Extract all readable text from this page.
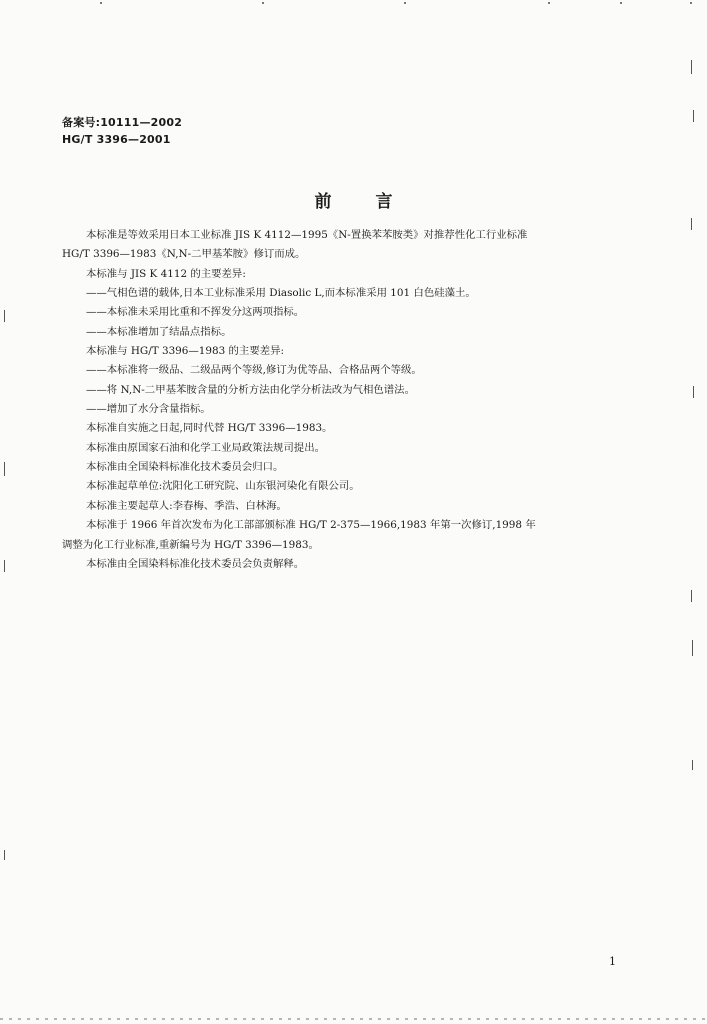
备案号:10111—2002
HG/T 3396—2001
前言

本标准是等效采用日本工业标准 JIS K 4112—1995《N-置换苯苯胺类》对推荐性化工行业标准

HG/T 3396—1983《N,N-二甲基苯胺》修订而成。

本标准与 JIS K 4112 的主要差异:

——气相色谱的载体,日本工业标准采用 Diasolic L,而本标准采用 101 白色硅藻土。

——本标准未采用比重和不挥发分这两项指标。

——本标准增加了结晶点指标。

本标准与 HG/T 3396—1983 的主要差异:

——本标准将一级品、二级品两个等级,修订为优等品、合格品两个等级。

——将 N,N-二甲基苯胺含量的分析方法由化学分析法改为气相色谱法。

——增加了水分含量指标。

本标准自实施之日起,同时代替 HG/T 3396—1983。

本标准由原国家石油和化学工业局政策法规司提出。

本标准由全国染料标准化技术委员会归口。

本标准起草单位:沈阳化工研究院、山东银河染化有限公司。

本标准主要起草人:李春梅、季浩、白林海。

本标准于 1966 年首次发布为化工部部颁标准 HG/T 2-375—1966,1983 年第一次修订,1998 年

调整为化工行业标准,重新编号为 HG/T 3396—1983。

本标准由全国染料标准化技术委员会负责解释。

1
